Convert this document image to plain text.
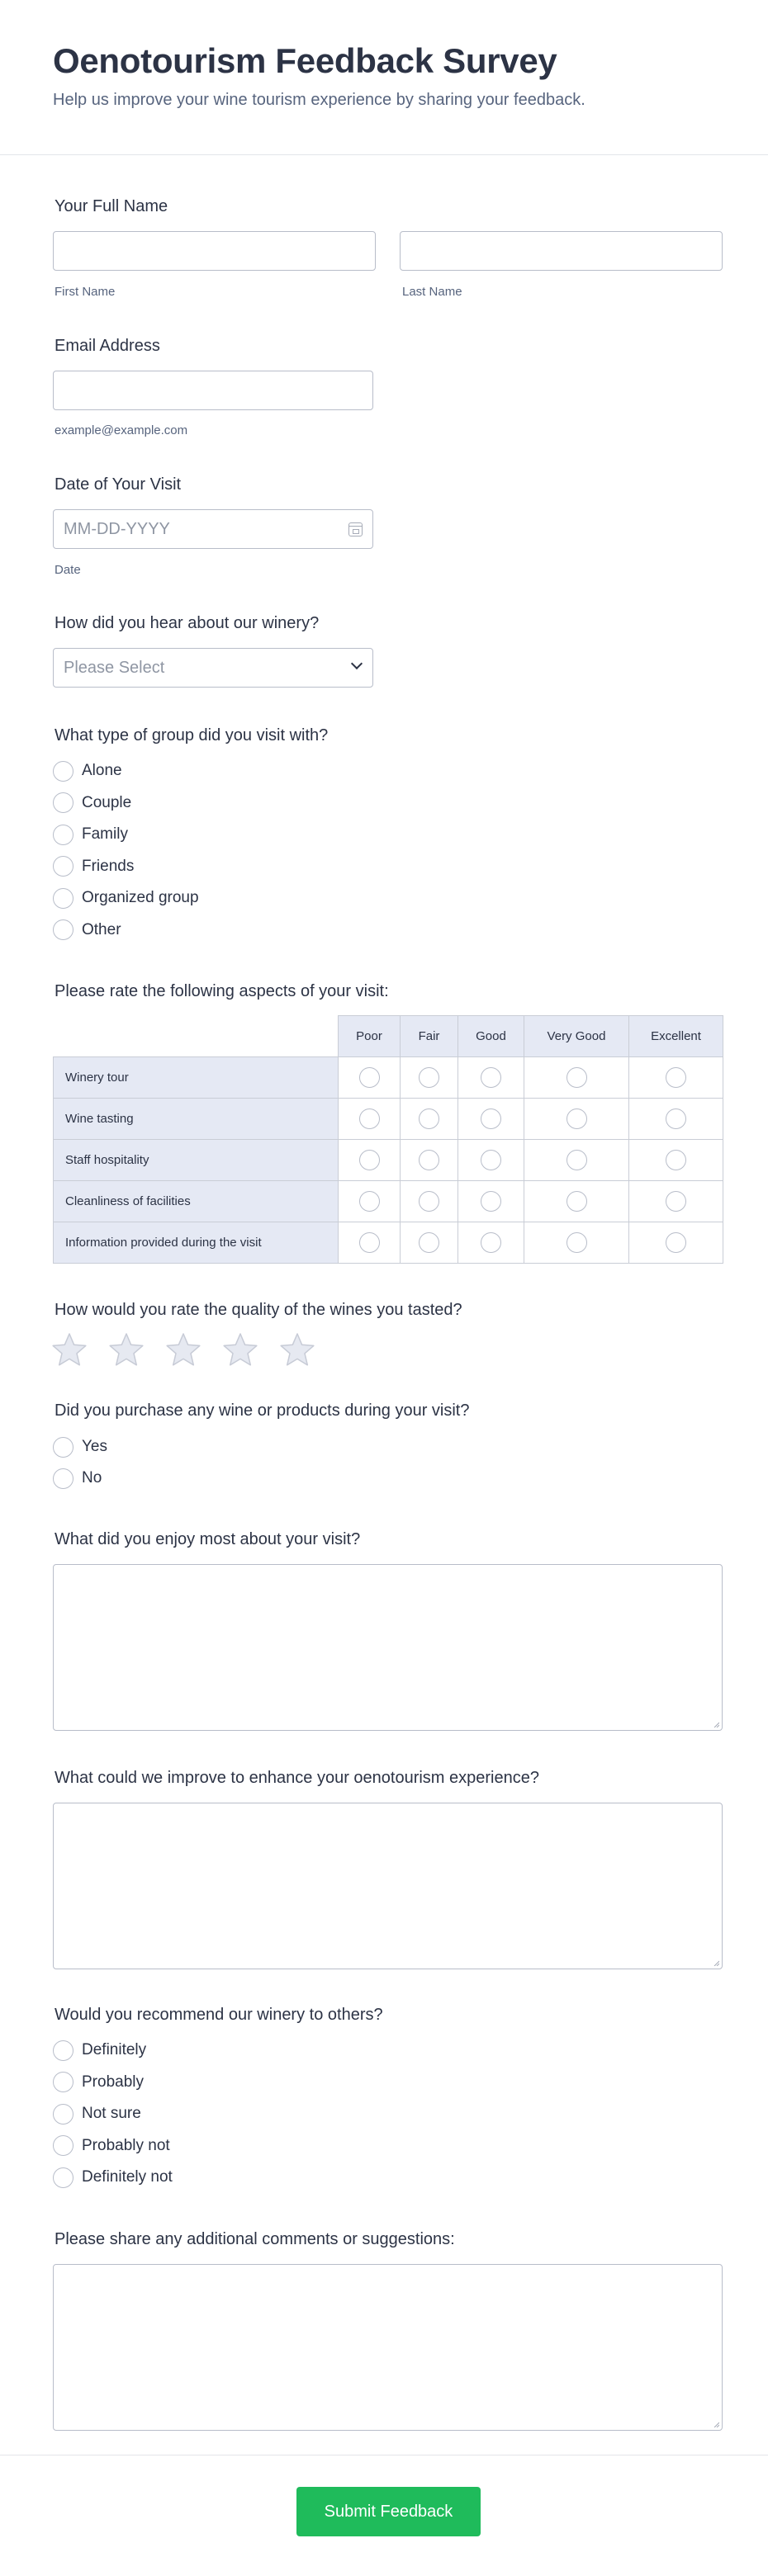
Oenotourism Feedback Survey
Help us improve your wine tourism experience by sharing your feedback.
Your Full Name
First Name	Last Name
Email Address
example@example.com
Date of Your Visit
MM-DD-YYYY
Date
How did you hear about our winery?
Please Select
What type of group did you visit with?
Alone
Couple
Family
Friends
Organized group
Other
Please rate the following aspects of your visit:
Poor	Fair	Good	Very Good	Excellent
Winery tour
Wine tasting
Staff hospitality
Cleanliness of facilities
Information provided during the visit
How would you rate the quality of the wines you tasted?
Did you purchase any wine or products during your visit?
Yes
No
What did you enjoy most about your visit?
What could we improve to enhance your oenotourism experience?
Would you recommend our winery to others?
Definitely
Probably
Not sure
Probably not
Definitely not
Please share any additional comments or suggestions:
Submit Feedback
